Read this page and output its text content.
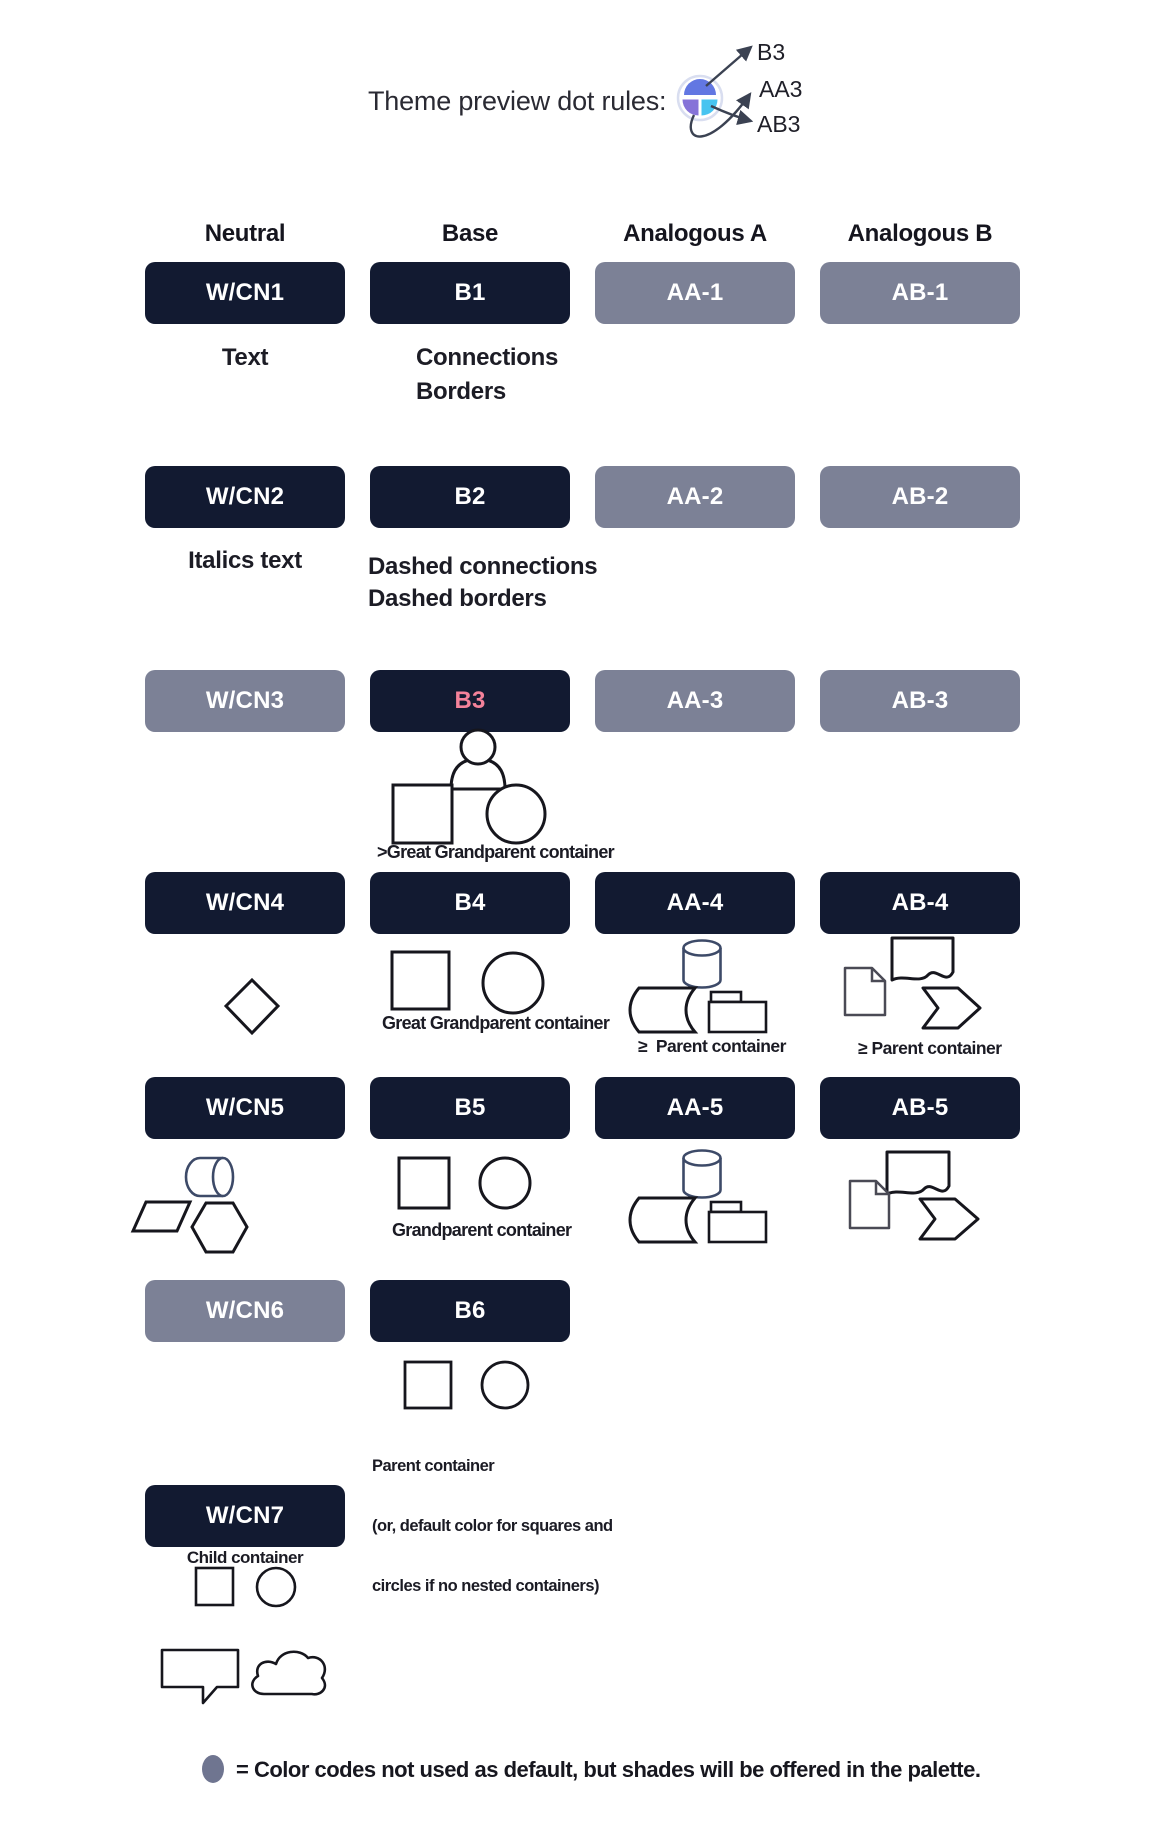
Theme preview dot rules:
B3
AA3
AB3
Neutral	Base	Analogous A	Analogous B
W/CN1	B1	AA-1	AB-1
Text	Connections
Borders
W/CN2	B2	AA-2	AB-2
Italics text	Dashed connections
Dashed borders
W/CN3	B3	AA-3	AB-3
>Great Grandparent container
W/CN4	B4	AA-4	AB-4
Great Grandparent container
≥  Parent container	≥ Parent container
W/CN5	B5	AA-5	AB-5
Grandparent container
W/CN6	B6

Parent container

(or, default color for squares and

circles if no nested containers)

W/CN7
Child container
= Color codes not used as default, but shades will be offered in the palette.
